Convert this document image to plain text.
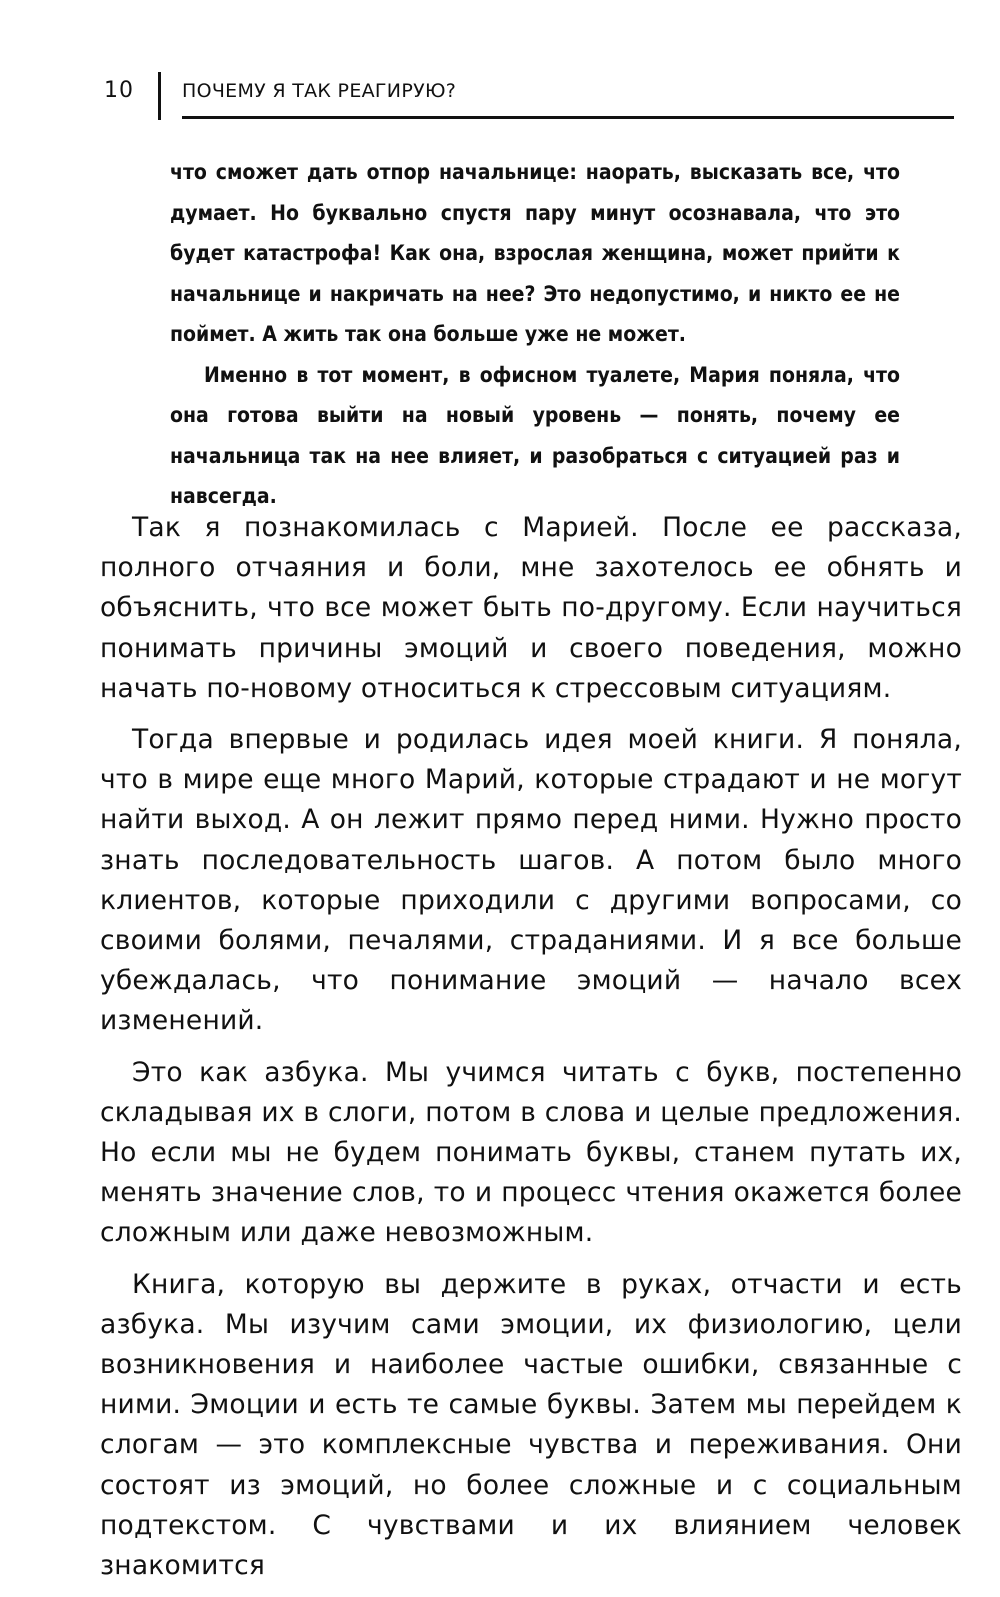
10	ПОЧЕМУ Я ТАК РЕАГИРУЮ?

что сможет дать отпор начальнице: наорать, высказать все, что думает. Но буквально спустя пару минут осознавала, что это будет катастрофа! Как она, взрослая женщина, может прийти к начальнице и накричать на нее? Это недопустимо, и никто ее не поймет. А жить так она больше уже не может.

Именно в тот момент, в офисном туалете, Мария поняла, что она готова выйти на новый уровень — понять, почему ее начальница так на нее влияет, и разобраться с ситуацией раз и навсегда.

Так я познакомилась с Марией. После ее рассказа, полного отчаяния и боли, мне захотелось ее обнять и объяснить, что все может быть по-другому. Если научиться понимать причины эмоций и своего поведения, можно начать по-новому относиться к стрессовым ситуациям.

Тогда впервые и родилась идея моей книги. Я поняла, что в мире еще много Марий, которые страдают и не могут найти выход. А он лежит прямо перед ними. Нужно просто знать последовательность шагов. А потом было много клиентов, которые приходили с другими вопросами, со своими болями, печалями, страданиями. И я все больше убеждалась, что понимание эмоций — начало всех изменений.

Это как азбука. Мы учимся читать с букв, постепенно складывая их в слоги, потом в слова и целые предложения. Но если мы не будем понимать буквы, станем путать их, менять значение слов, то и процесс чтения окажется более сложным или даже невозможным.

Книга, которую вы держите в руках, отчасти и есть азбука. Мы изучим сами эмоции, их физиологию, цели возникновения и наиболее частые ошибки, связанные с ними. Эмоции и есть те самые буквы. Затем мы перейдем к слогам — это комплексные чувства и переживания. Они состоят из эмоций, но более сложные и с социальным подтекстом. С чувствами и их влиянием человек знакомится
